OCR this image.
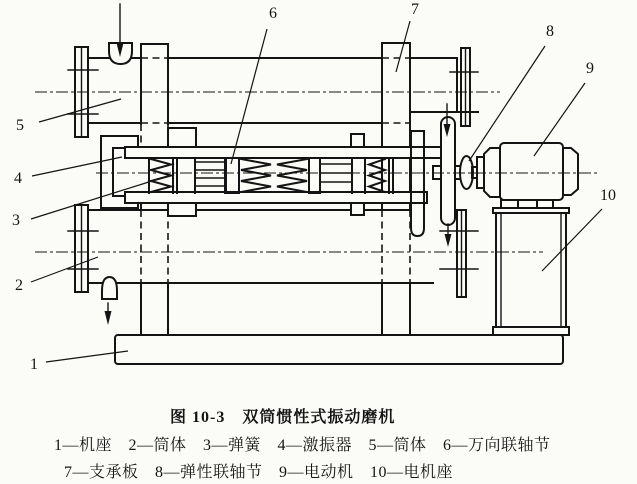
1
2
3
4
5
6	7
8
9
10
图 10-3　双筒惯性式振动磨机
1—机座　2—筒体　3—弹簧　4—激振器　5—筒体　6—万向联轴节
7—支承板　8—弹性联轴节　9—电动机　10—电机座
